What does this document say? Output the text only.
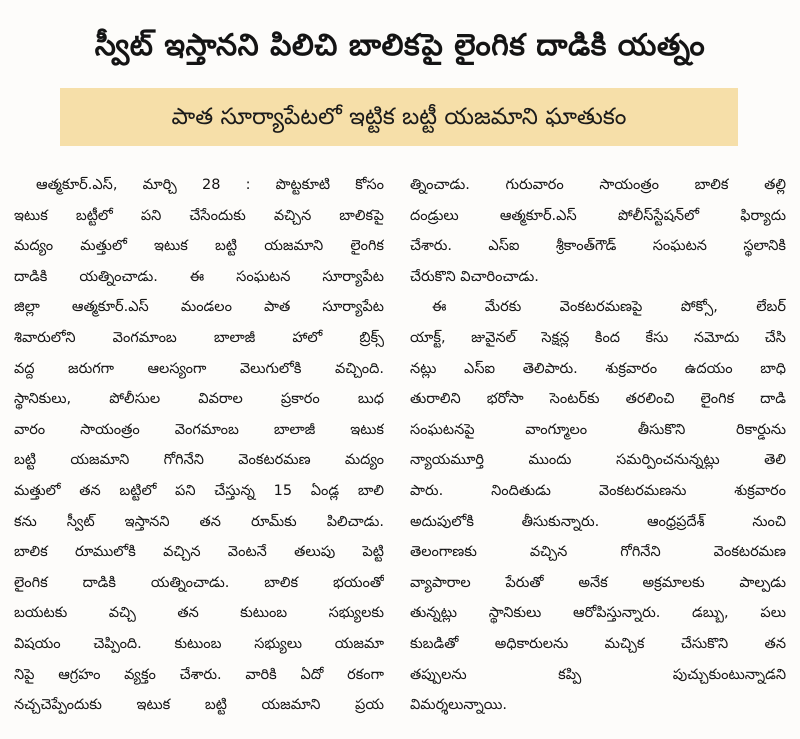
స్వీట్ ఇస్తానని పిలిచి బాలికపై లైంగిక దాడికి యత్నం
పాత సూర్యాపేటలో ఇట్టిక బట్టీ యజమాని ఘాతుకం
ఆత్మకూర్.ఎస్, మార్చి 28 : పొట్టకూటి కోసం
ఇటుక బట్టీలో పని చేసేందుకు వచ్చిన బాలికపై
మద్యం మత్తులో ఇటుక బట్టి యజమాని లైంగిక
దాడికి యత్నించాడు. ఈ సంఘటన సూర్యాపేట
జిల్లా ఆత్మకూర్.ఎస్ మండలం పాత సూర్యాపేట
శివారులోని వెంగమాంబ బాలాజీ హాలో బ్రిక్స్
వద్ద జరుగగా ఆలస్యంగా వెలుగులోకి వచ్చింది.
స్థానికులు, పోలీసుల వివరాల ప్రకారం బుధ
వారం సాయంత్రం వెంగమాంబ బాలాజీ ఇటుక
బట్టి యజమాని గోగినేని వెంకటరమణ మద్యం
మత్తులో తన బట్టిలో పని చేస్తున్న 15 ఏండ్ల బాలి
కను స్వీట్ ఇస్తానని తన రూమ్‌కు పిలిచాడు.
బాలిక రూములోకి వచ్చిన వెంటనే తలుపు పెట్టి
లైంగిక దాడికి యత్నించాడు. బాలిక భయంతో
బయటకు వచ్చి తన కుటుంబ సభ్యులకు
విషయం చెప్పింది. కుటుంబ సభ్యులు యజమా
నిపై ఆగ్రహం వ్యక్తం చేశారు. వారికి ఏదో రకంగా
నచ్చచెప్పేందుకు ఇటుక బట్టి యజమాని ప్రయ
త్నించాడు. గురువారం సాయంత్రం బాలిక తల్లి
దండ్రులు ఆత్మకూర్.ఎస్ పోలీస్‌స్టేషన్‌లో ఫిర్యాదు
చేశారు. ఎస్ఐ శ్రీకాంత్‌గౌడ్ సంఘటన స్థలానికి
చేరుకొని విచారించాడు.
ఈ మేరకు వెంకటరమణపై పోక్సో, లేబర్
యాక్ట్, జువైనల్ సెక్షన్ల కింద కేసు నమోదు చేసి
నట్లు ఎస్ఐ తెలిపారు. శుక్రవారం ఉదయం బాధి
తురాలిని భరోసా సెంటర్‌కు తరలించి లైంగిక దాడి
సంఘటనపై వాంగ్మూలం తీసుకొని రికార్డును
న్యాయమూర్తి ముందు సమర్పించనున్నట్లు తెలి
పారు. నిందితుడు వెంకటరమణను శుక్రవారం
అదుపులోకి తీసుకున్నారు. ఆంధ్రప్రదేశ్ నుంచి
తెలంగాణకు వచ్చిన గోగినేని వెంకటరమణ
వ్యాపారాల పేరుతో అనేక అక్రమాలకు పాల్పడు
తున్నట్లు స్థానికులు ఆరోపిస్తున్నారు. డబ్బు, పలు
కుబడితో అధికారులను మచ్చిక చేసుకొని తన
తప్పులను కప్పి పుచ్చుకుంటున్నాడని
విమర్శలున్నాయి.
